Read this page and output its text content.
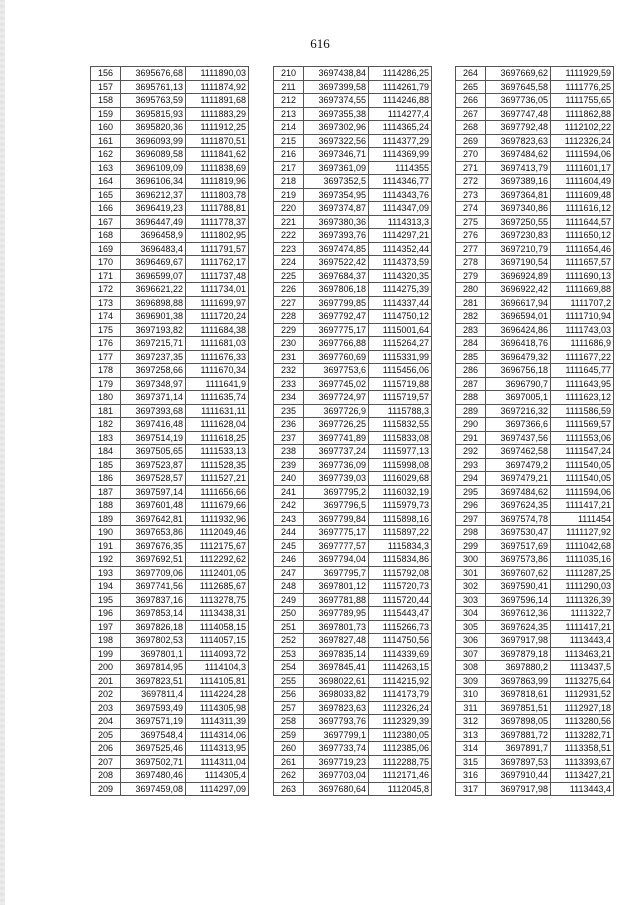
616
156	3695676,68	1111890,03
157	3695761,13	1111874,92
158	3695763,59	1111891,68
159	3695815,93	1111883,29
160	3695820,36	1111912,25
161	3696093,99	1111870,51
162	3696089,58	1111841,62
163	3696109,09	1111838,69
164	3696106,34	1111819,96
165	3696212,37	1111803,78
166	3696419,23	1111788,81
167	3696447,49	1111778,37
168	3696458,9	1111802,95
169	3696483,4	1111791,57
170	3696469,67	1111762,17
171	3696599,07	1111737,48
172	3696621,22	1111734,01
173	3696898,88	1111699,97
174	3696901,38	1111720,24
175	3697193,82	1111684,38
176	3697215,71	1111681,03
177	3697237,35	1111676,33
178	3697258,66	1111670,34
179	3697348,97	1111641,9
180	3697371,14	1111635,74
181	3697393,68	1111631,11
182	3697416,48	1111628,04
183	3697514,19	1111618,25
184	3697505,65	1111533,13
185	3697523,87	1111528,35
186	3697528,57	1111527,21
187	3697597,14	1111656,66
188	3697601,48	1111679,66
189	3697642,81	1111932,96
190	3697653,86	1112049,46
191	3697676,35	1112175,67
192	3697692,51	1112292,62
193	3697709,06	1112401,05
194	3697741,56	1112685,67
195	3697837,16	1113278,75
196	3697853,14	1113438,31
197	3697826,18	1114058,15
198	3697802,53	1114057,15
199	3697801,1	1114093,72
200	3697814,95	1114104,3
201	3697823,51	1114105,81
202	3697811,4	1114224,28
203	3697593,49	1114305,98
204	3697571,19	1114311,39
205	3697548,4	1114314,06
206	3697525,46	1114313,95
207	3697502,71	1114311,04
208	3697480,46	1114305,4
209	3697459,08	1114297,09
210	3697438,84	1114286,25
211	3697399,58	1114261,79
212	3697374,55	1114246,88
213	3697355,38	1114277,4
214	3697302,96	1114365,24
215	3697322,56	1114377,29
216	3697346,71	1114369,99
217	3697361,09	1114355
218	3697352,5	1114346,77
219	3697354,95	1114343,76
220	3697374,87	1114347,09
221	3697380,36	1114313,3
222	3697393,76	1114297,21
223	3697474,85	1114352,44
224	3697522,42	1114373,59
225	3697684,37	1114320,35
226	3697806,18	1114275,39
227	3697799,85	1114337,44
228	3697792,47	1114750,12
229	3697775,17	1115001,64
230	3697766,88	1115264,27
231	3697760,69	1115331,99
232	3697753,6	1115456,06
233	3697745,02	1115719,88
234	3697724,97	1115719,57
235	3697726,9	1115788,3
236	3697726,25	1115832,55
237	3697741,89	1115833,08
238	3697737,24	1115977,13
239	3697736,09	1115998,08
240	3697739,03	1116029,68
241	3697795,2	1116032,19
242	3697796,5	1115979,73
243	3697799,84	1115898,16
244	3697775,17	1115897,22
245	3697777,57	1115834,3
246	3697794,04	1115834,86
247	3697795,7	1115792,08
248	3697801,12	1115720,73
249	3697781,88	1115720,44
250	3697789,95	1115443,47
251	3697801,73	1115266,73
252	3697827,48	1114750,56
253	3697835,14	1114339,69
254	3697845,41	1114263,15
255	3698022,61	1114215,92
256	3698033,82	1114173,79
257	3697823,63	1112326,24
258	3697793,76	1112329,39
259	3697799,1	1112380,05
260	3697733,74	1112385,06
261	3697719,23	1112288,75
262	3697703,04	1112171,46
263	3697680,64	1112045,8
264	3697669,62	1111929,59
265	3697645,58	1111776,25
266	3697736,05	1111755,65
267	3697747,48	1111862,88
268	3697792,48	1112102,22
269	3697823,63	1112326,24
270	3697484,62	1111594,06
271	3697413,79	1111601,17
272	3697389,16	1111604,49
273	3697364,81	1111609,48
274	3697340,86	1111616,12
275	3697250,55	1111644,57
276	3697230,83	1111650,12
277	3697210,79	1111654,46
278	3697190,54	1111657,57
279	3696924,89	1111690,13
280	3696922,42	1111669,88
281	3696617,94	1111707,2
282	3696594,01	1111710,94
283	3696424,86	1111743,03
284	3696418,76	1111686,9
285	3696479,32	1111677,22
286	3696756,18	1111645,77
287	3696790,7	1111643,95
288	3697005,1	1111623,12
289	3697216,32	1111586,59
290	3697366,6	1111569,57
291	3697437,56	1111553,06
292	3697462,58	1111547,24
293	3697479,2	1111540,05
294	3697479,21	1111540,05
295	3697484,62	1111594,06
296	3697624,35	1111417,21
297	3697574,78	1111454
298	3697530,47	1111127,92
299	3697517,69	1111042,68
300	3697573,86	1111035,16
301	3697607,62	1111287,25
302	3697590,41	1111290,03
303	3697596,14	1111326,39
304	3697612,36	1111322,7
305	3697624,35	1111417,21
306	3697917,98	1113443,4
307	3697879,18	1113463,21
308	3697880,2	1113437,5
309	3697863,99	1113275,64
310	3697818,61	1112931,52
311	3697851,51	1112927,18
312	3697898,05	1113280,56
313	3697881,72	1113282,71
314	3697891,7	1113358,51
315	3697897,53	1113393,67
316	3697910,44	1113427,21
317	3697917,98	1113443,4
